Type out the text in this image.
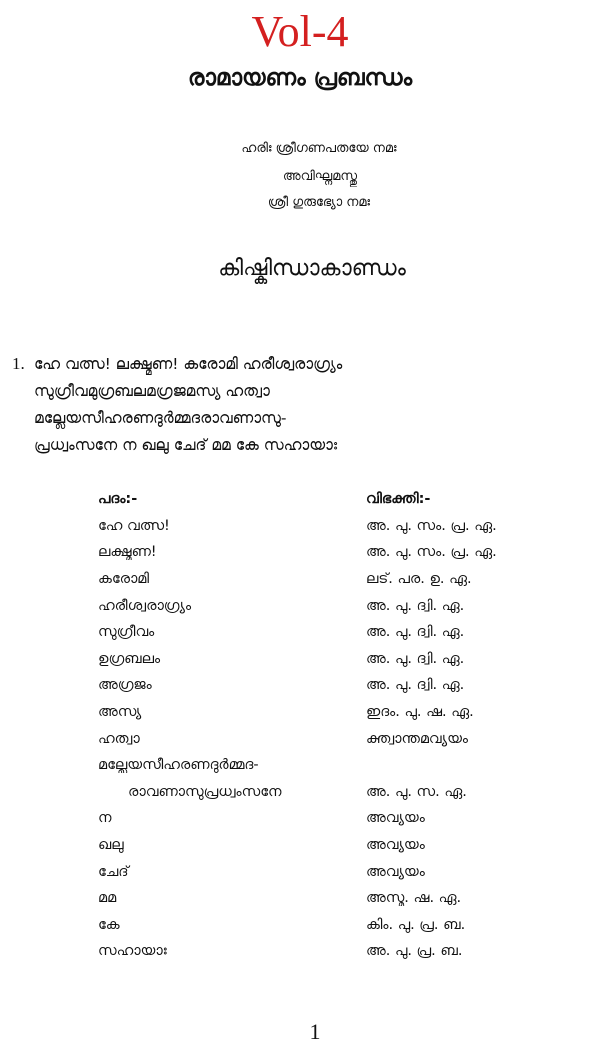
Vol-4
രാമായണം പ്രബന്ധം
ഹരിഃ ശ്രീഗണപതയേ നമഃ
അവിഘ്നമസ്തു
ശ്രീ ഗുരുഭ്യോ നമഃ
കിഷ്കിന്ധാകാണ്ഡം
1. ഹേ വത്സ! ലക്ഷ്മണ! കരോമി ഹരീശ്വരാഗ്ര്യം
സുഗ്രീവമുഗ്രബലമഗ്രജമസ്യ ഹത്വാ
മല്ലേയസീഹരണദുർമ്മദരാവണാസു-
പ്രധ്വംസനേ ന ഖലു ചേദ് മമ കേ സഹായാഃ
പദം:-	വിഭക്തി:-
ഹേ വത്സ!	അ. പു. സം. പ്ര. ഏ.
ലക്ഷ്മണ!	അ. പു. സം. പ്ര. ഏ.
കരോമി	ലട്. പര. ഉ. ഏ.
ഹരീശ്വരാഗ്ര്യം	അ. പു. ദ്വി. ഏ.
സുഗ്രീവം	അ. പു. ദ്വി. ഏ.
ഉഗ്രബലം	അ. പു. ദ്വി. ഏ.
അഗ്രജം	അ. പു. ദ്വി. ഏ.
അസ്യ	ഇദം. പു. ഷ. ഏ.
ഹത്വാ	ക്ത്വാന്തമവ്യയം
മല്ലേയസീഹരണദുർമ്മദ-
രാവണാസുപ്രധ്വംസനേ	അ. പു. സ. ഏ.
ന	അവ്യയം
ഖലു	അവ്യയം
ചേദ്	അവ്യയം
മമ	അസ്മ. ഷ. ഏ.
കേ	കിം. പു. പ്ര. ബ.
സഹായാഃ	അ. പു. പ്ര. ബ.
1
